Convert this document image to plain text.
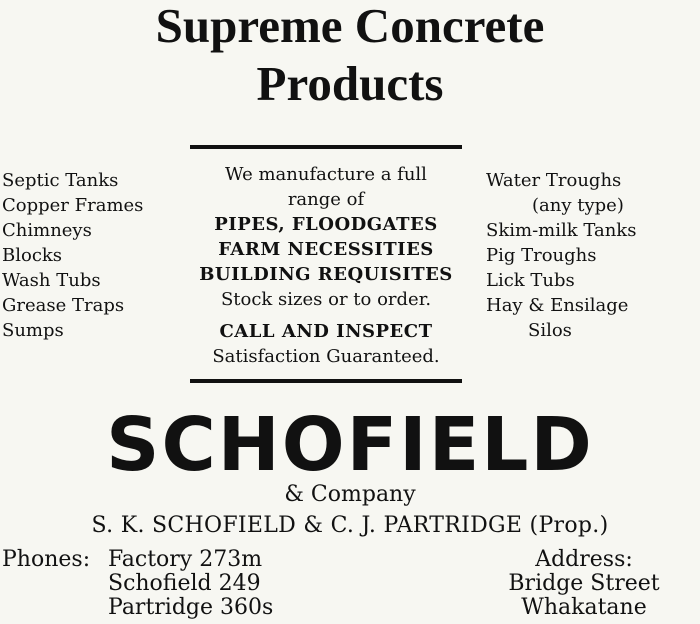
Supreme Concrete
Products
Septic Tanks
Copper Frames
Chimneys
Blocks
Wash Tubs
Grease Traps
Sumps
We manufacture a full
range of
PIPES, FLOODGATES
FARM NECESSITIES
BUILDING REQUISITES
Stock sizes or to order.
CALL AND INSPECT
Satisfaction Guaranteed.
Water Troughs
(any type)
Skim-milk Tanks
Pig Troughs
Lick Tubs
Hay & Ensilage
Silos
SCHOFIELD
& Company
S. K. SCHOFIELD & C. J. PARTRIDGE (Prop.)
Phones: Factory 273m
Schofield 249
Partridge 360s
Address:
Bridge Street
Whakatane
